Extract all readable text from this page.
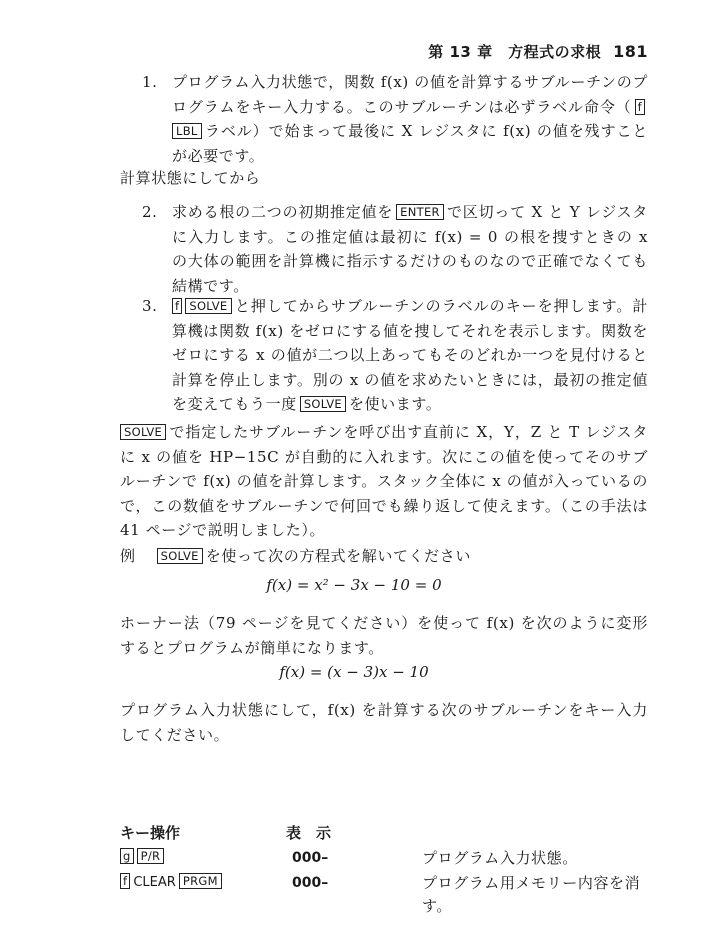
第 13 章　方程式の求根 181
1. プログラム入力状態で，関数 f(x) の値を計算するサブルーチンのプログラムをキー入力する。このサブルーチンは必ずラベル命令（ fLBL ラベル）で始まって最後に X レジスタに f(x) の値を残すことが必要です。
計算状態にしてから
2. 求める根の二つの初期推定値を ENTER で区切って X と Y レジスタに入力します。この推定値は最初に f(x) = 0 の根を捜すときの x の大体の範囲を計算機に指示するだけのものなので正確でなくても結構です。
3. f SOLVE と押してからサブルーチンのラベルのキーを押します。計算機は関数 f(x) をゼロにする値を捜してそれを表示します。関数をゼロにする x の値が二つ以上あってもそのどれか一つを見付けると計算を停止します。別の x の値を求めたいときには，最初の推定値を変えてもう一度 SOLVE を使います。
SOLVE で指定したサブルーチンを呼び出す直前に X，Y，Z と T レジスタに x の値を HP−15C が自動的に入れます。次にこの値を使ってそのサブルーチンで f(x) の値を計算します。スタック全体に x の値が入っているので，この数値をサブルーチンで何回でも繰り返して使えます。（この手法は 41 ページで説明しました）。
例 SOLVE を使って次の方程式を解いてください
f(x) = x² − 3x − 10 = 0
ホーナー法（79 ページを見てください）を使って f(x) を次のように変形するとプログラムが簡単になります。
f(x) = (x − 3)x − 10
プログラム入力状態にして，f(x) を計算する次のサブルーチンをキー入力してください。
キー操作	表　示
g P/R	000–	プログラム入力状態。
f CLEAR PRGM	000–	プログラム用メモリー内容を消す。
